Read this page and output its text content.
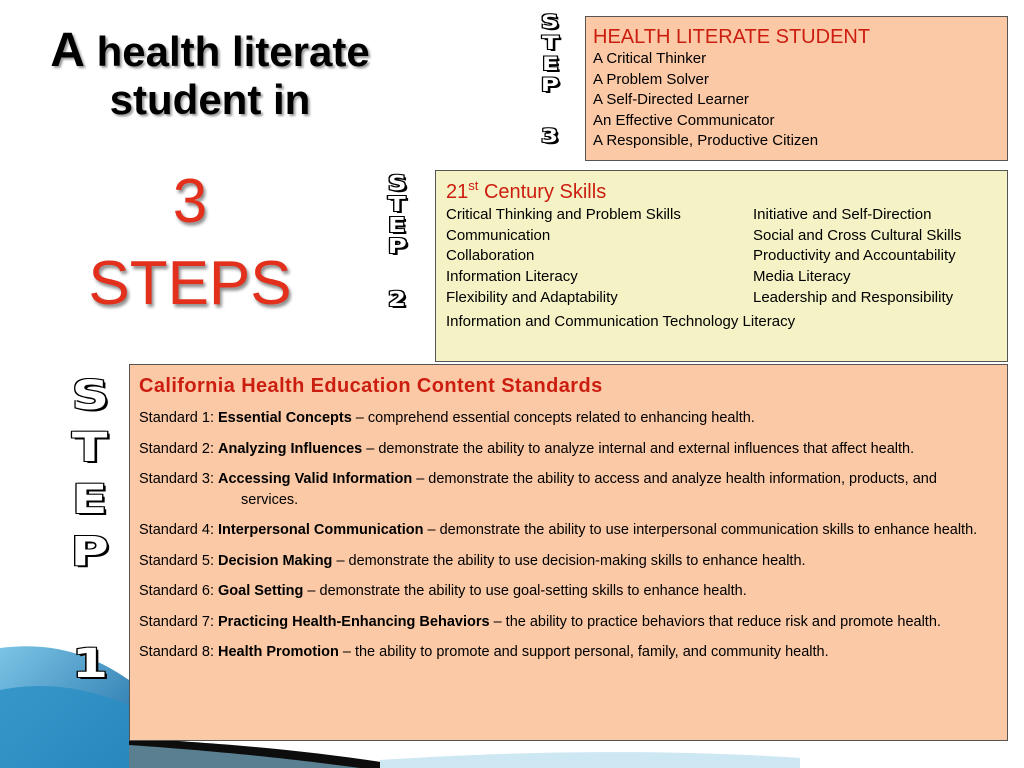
A health literate
student in
3
STEPS
S
T
E
P
3
S
T
E
P
2
S
T
E
P
1
HEALTH LITERATE STUDENT
A Critical Thinker
A Problem Solver
A Self-Directed Learner
An Effective Communicator
A Responsible, Productive Citizen
21st Century Skills
Critical Thinking and Problem Skills	Initiative and Self-Direction
Communication	Social and Cross Cultural Skills
Collaboration	Productivity and Accountability
Information Literacy	Media Literacy
Flexibility and Adaptability	Leadership and Responsibility
Information and Communication Technology Literacy
California Health Education Content Standards
Standard 1: Essential Concepts – comprehend essential concepts related to enhancing health.
Standard 2: Analyzing Influences – demonstrate the ability to analyze internal and external influences that affect health.
Standard 3: Accessing Valid Information – demonstrate the ability to access and analyze health information, products, and services.
Standard 4: Interpersonal Communication – demonstrate the ability to use interpersonal communication skills to enhance health.
Standard 5: Decision Making – demonstrate the ability to use decision-making skills to enhance health.
Standard 6: Goal Setting – demonstrate the ability to use goal-setting skills to enhance health.
Standard 7: Practicing Health-Enhancing Behaviors – the ability to practice behaviors that reduce risk and promote health.
Standard 8: Health Promotion – the ability to promote and support personal, family, and community health.
